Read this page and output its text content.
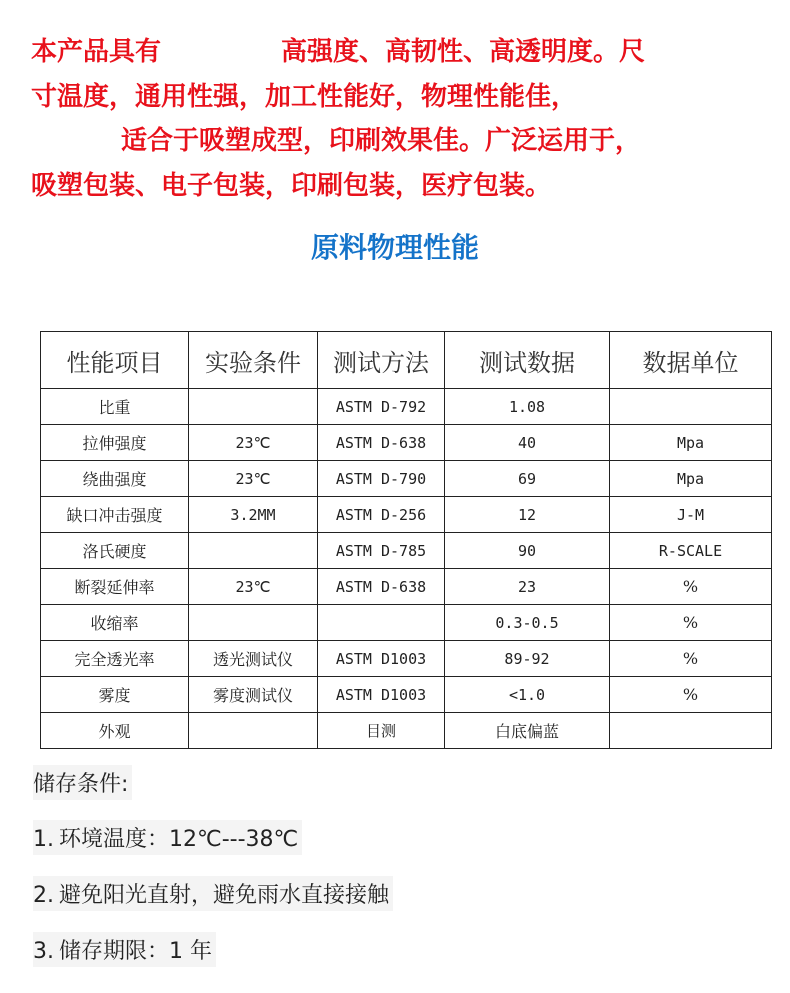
本产品具有	高强度、高韧性、高透明度。尺
寸温度，通用性强，加工性能好，物理性能佳，
适合于吸塑成型，印刷效果佳。广泛运用于，
吸塑包装、电子包装，印刷包装，医疗包装。
原料物理性能
性能项目	实验条件	测试方法	测试数据	数据单位
比重		ASTM D-792	1.08	
拉伸强度	23℃	ASTM D-638	40	Mpa
绕曲强度	23℃	ASTM D-790	69	Mpa
缺口冲击强度	3.2MM	ASTM D-256	12	J-M
洛氏硬度		ASTM D-785	90	R-SCALE
断裂延伸率	23℃	ASTM D-638	23	%
收缩率			0.3-0.5	%
完全透光率	透光测试仪	ASTM D1003	89-92	%
雾度	雾度测试仪	ASTM D1003	<1.0	%
外观		目测	白底偏蓝	
储存条件:
1. 环境温度：12℃---38℃
2. 避免阳光直射，避免雨水直接接触
3. 储存期限：1 年
